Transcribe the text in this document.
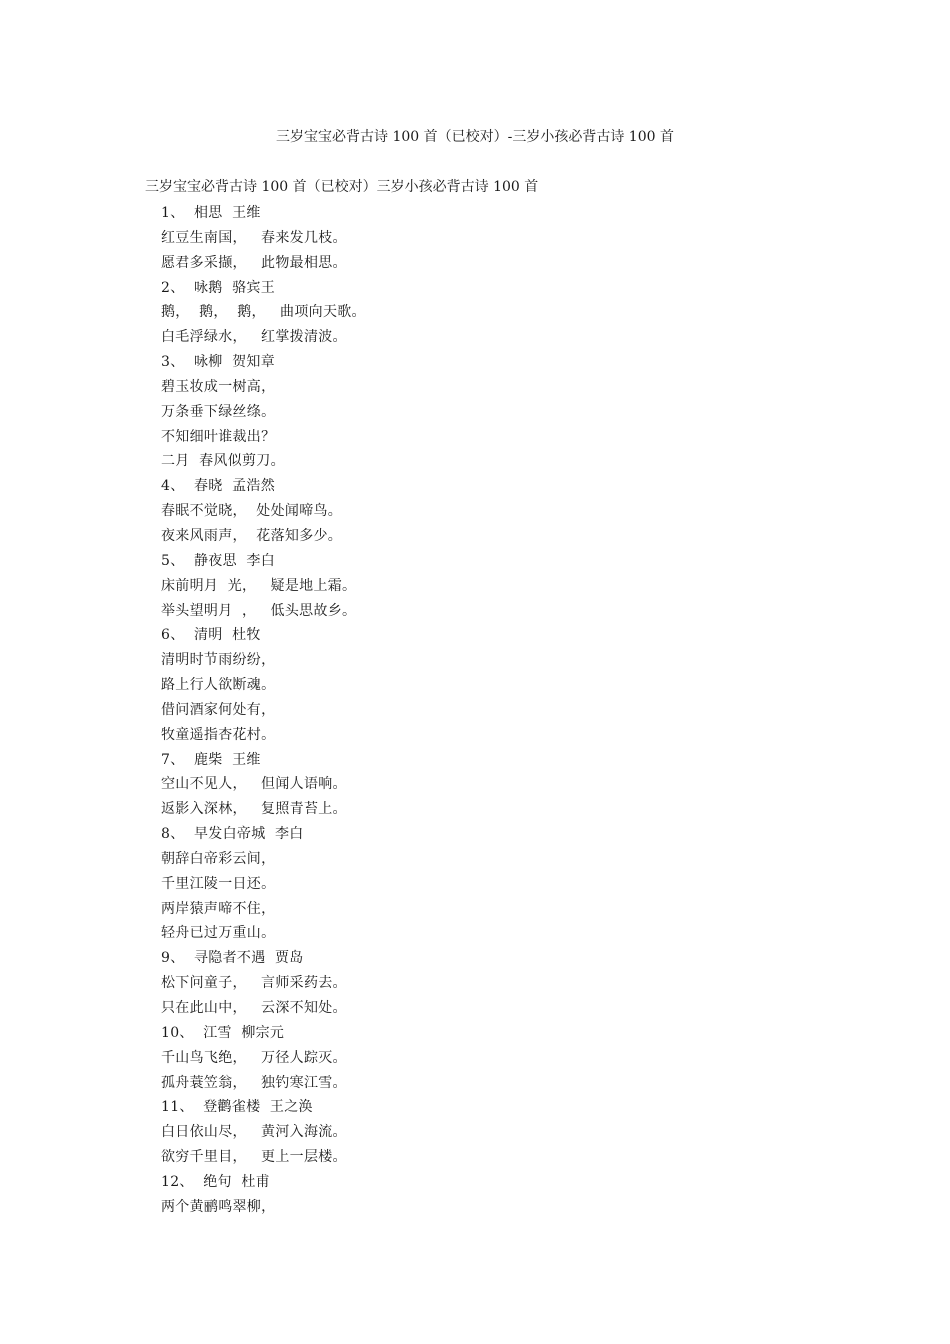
三岁宝宝必背古诗 100 首（已校对）-三岁小孩必背古诗 100 首
三岁宝宝必背古诗 100 首（已校对）三岁小孩必背古诗 100 首
1、  相思  王维
红豆生南国，   春来发几枝。
愿君多采撷，   此物最相思。
2、  咏鹅  骆宾王
鹅，  鹅，  鹅，   曲项向天歌。
白毛浮绿水，   红掌拨清波。
3、  咏柳  贺知章
碧玉妆成一树高，
万条垂下绿丝绦。
不知细叶谁裁出？
二月  春风似剪刀。
4、  春晓  孟浩然
春眠不觉晓，  处处闻啼鸟。
夜来风雨声，  花落知多少。
5、  静夜思  李白
床前明月  光，   疑是地上霜。
举头望明月  ，   低头思故乡。
6、  清明  杜牧
清明时节雨纷纷，
路上行人欲断魂。
借问酒家何处有，
牧童遥指杏花村。
7、  鹿柴  王维
空山不见人，   但闻人语响。
返影入深林，   复照青苔上。
8、  早发白帝城  李白
朝辞白帝彩云间，
千里江陵一日还。
两岸猿声啼不住，
轻舟已过万重山。
9、  寻隐者不遇  贾岛
松下问童子，   言师采药去。
只在此山中，   云深不知处。
10、  江雪  柳宗元
千山鸟飞绝，   万径人踪灭。
孤舟蓑笠翁，   独钓寒江雪。
11、  登鹳雀楼  王之涣
白日依山尽，   黄河入海流。
欲穷千里目，   更上一层楼。
12、  绝句  杜甫
两个黄鹂鸣翠柳，
